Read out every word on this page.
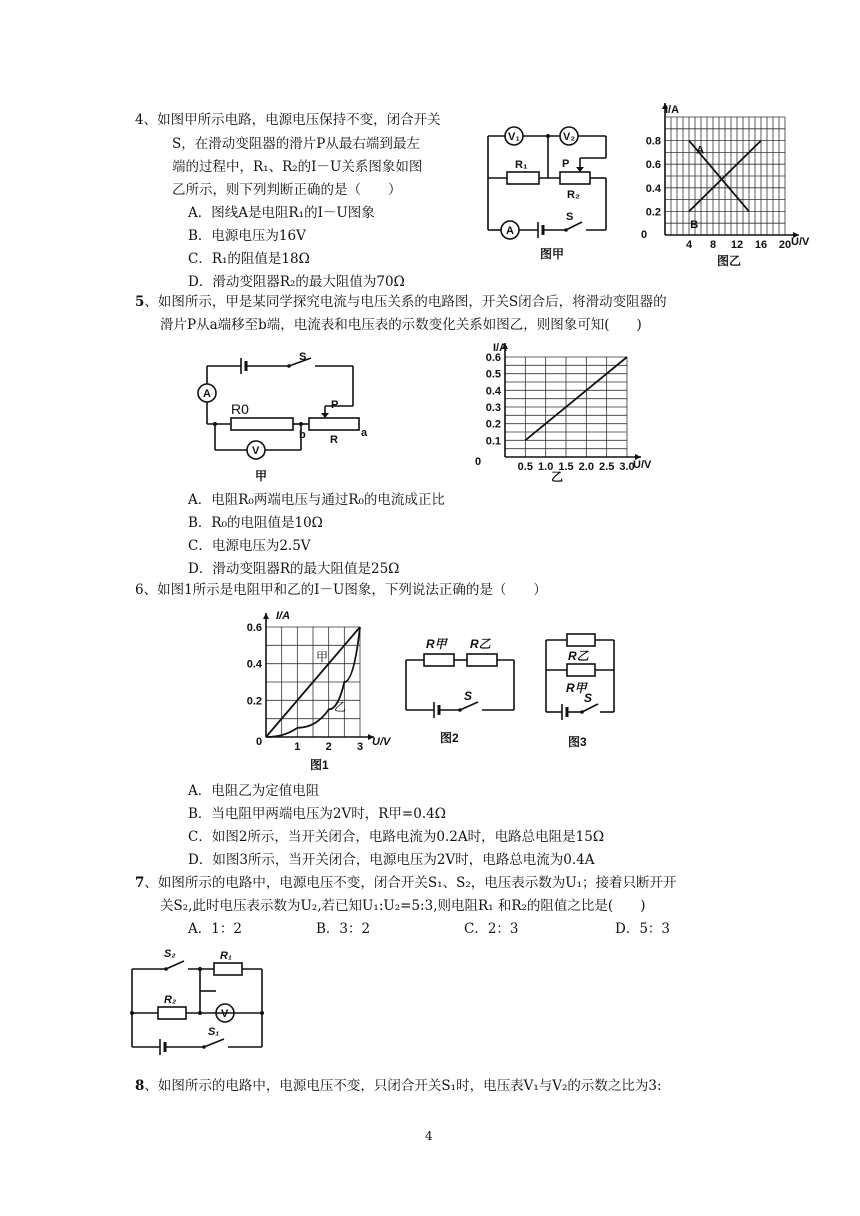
4、如图甲所示电路，电源电压保持不变，闭合开关
S，在滑动变阻器的滑片P从最右端到最左
端的过程中，R₁、R₂的I－U关系图象如图
乙所示，则下列判断正确的是（　　）
A．图线A是电阻R₁的I－U图象
B．电源电压为16V
C．R₁的阻值是18Ω
D．滑动变阻器R₂的最大阻值为70Ω
V₁	V₂
R₁
R₂
P
A
S
图甲
4 8 12 16 20
0.2
0.4
0.6
0.8
I/A
U/V
0
图乙
A
B
5、如图所示，甲是某同学探究电流与电压关系的电路图，开关S闭合后，将滑动变阻器的
滑片P从a端移至b端，电流表和电压表的示数变化关系如图乙，则图象可知(　　)
A
V
R0
R
P
S
b	a
甲
0.5 1.0 1.5 2.0 2.5 3.0
0.1
0.2
0.3
0.4
0.5
0.6
I/A
U/V
0
乙
A．电阻R₀两端电压与通过R₀的电流成正比
B．R₀的电阻值是10Ω
C．电源电压为2.5V
D．滑动变阻器R的最大阻值是25Ω
6、如图1所示是电阻甲和乙的I－U图象，下列说法正确的是（　　）
1 2 3
0.2
0.4
0.6
I/A
U/V
0
甲
乙
图1
R甲 R乙
S
图2
R乙
R甲
S
图3
A．电阻乙为定值电阻
B．当电阻甲两端电压为2V时，R甲=0.4Ω
C．如图2所示，当开关闭合，电路电流为0.2A时，电路总电阻是15Ω
D．如图3所示，当开关闭合，电源电压为2V时，电路总电流为0.4A
7、如图所示的电路中，电源电压不变，闭合开关S₁、S₂，电压表示数为U₁；接着只断开开
关S₂,此时电压表示数为U₂,若已知U₁:U₂=5:3,则电阻R₁ 和R₂的阻值之比是(　　)
A．1：2	B．3：2	C．2：3	D．5：3
S₂	R₁
R₂
V
S₁
8、如图所示的电路中，电源电压不变，只闭合开关S₁时，电压表V₁与V₂的示数之比为3:
4
